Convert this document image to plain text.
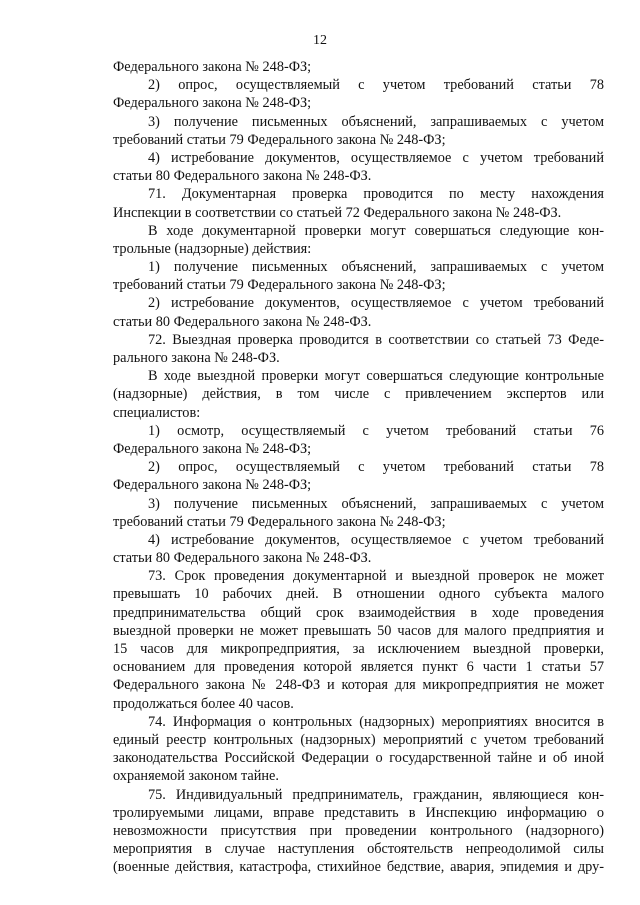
12
Федерального закона № 248-ФЗ;
2) опрос, осуществляемый с учетом требований статьи 78
Федерального закона № 248-ФЗ;
3) получение письменных объяснений, запрашиваемых с учетом
требований статьи 79 Федерального закона № 248-ФЗ;
4) истребование документов, осуществляемое с учетом требований
статьи 80 Федерального закона № 248-ФЗ.
71. Документарная проверка проводится по месту нахождения
Инспекции в соответствии со статьей 72 Федерального закона № 248-ФЗ.
В ходе документарной проверки могут совершаться следующие кон-
трольные (надзорные) действия:
1) получение письменных объяснений, запрашиваемых с учетом
требований статьи 79 Федерального закона № 248-ФЗ;
2) истребование документов, осуществляемое с учетом требований
статьи 80 Федерального закона № 248-ФЗ.
72. Выездная проверка проводится в соответствии со статьей 73 Феде-
рального закона № 248-ФЗ.
В ходе выездной проверки могут совершаться следующие контрольные
(надзорные) действия, в том числе с привлечением экспертов или
специалистов:
1) осмотр, осуществляемый с учетом требований статьи 76
Федерального закона № 248-ФЗ;
2) опрос, осуществляемый с учетом требований статьи 78
Федерального закона № 248-ФЗ;
3) получение письменных объяснений, запрашиваемых с учетом
требований статьи 79 Федерального закона № 248-ФЗ;
4) истребование документов, осуществляемое с учетом требований
статьи 80 Федерального закона № 248-ФЗ.
73. Срок проведения документарной и выездной проверок не может
превышать 10 рабочих дней. В отношении одного субъекта малого
предпринимательства общий срок взаимодействия в ходе проведения
выездной проверки не может превышать 50 часов для малого предприятия и
15 часов для микропредприятия, за исключением выездной проверки,
основанием для проведения которой является пункт 6 части 1 статьи 57
Федерального закона № 248-ФЗ и которая для микропредприятия не может
продолжаться более 40 часов.
74. Информация о контрольных (надзорных) мероприятиях вносится в
единый реестр контрольных (надзорных) мероприятий с учетом требований
законодательства Российской Федерации о государственной тайне и об иной
охраняемой законом тайне.
75. Индивидуальный предприниматель, гражданин, являющиеся кон-
тролируемыми лицами, вправе представить в Инспекцию информацию о
невозможности присутствия при проведении контрольного (надзорного)
мероприятия в случае наступления обстоятельств непреодолимой силы
(военные действия, катастрофа, стихийное бедствие, авария, эпидемия и дру-
